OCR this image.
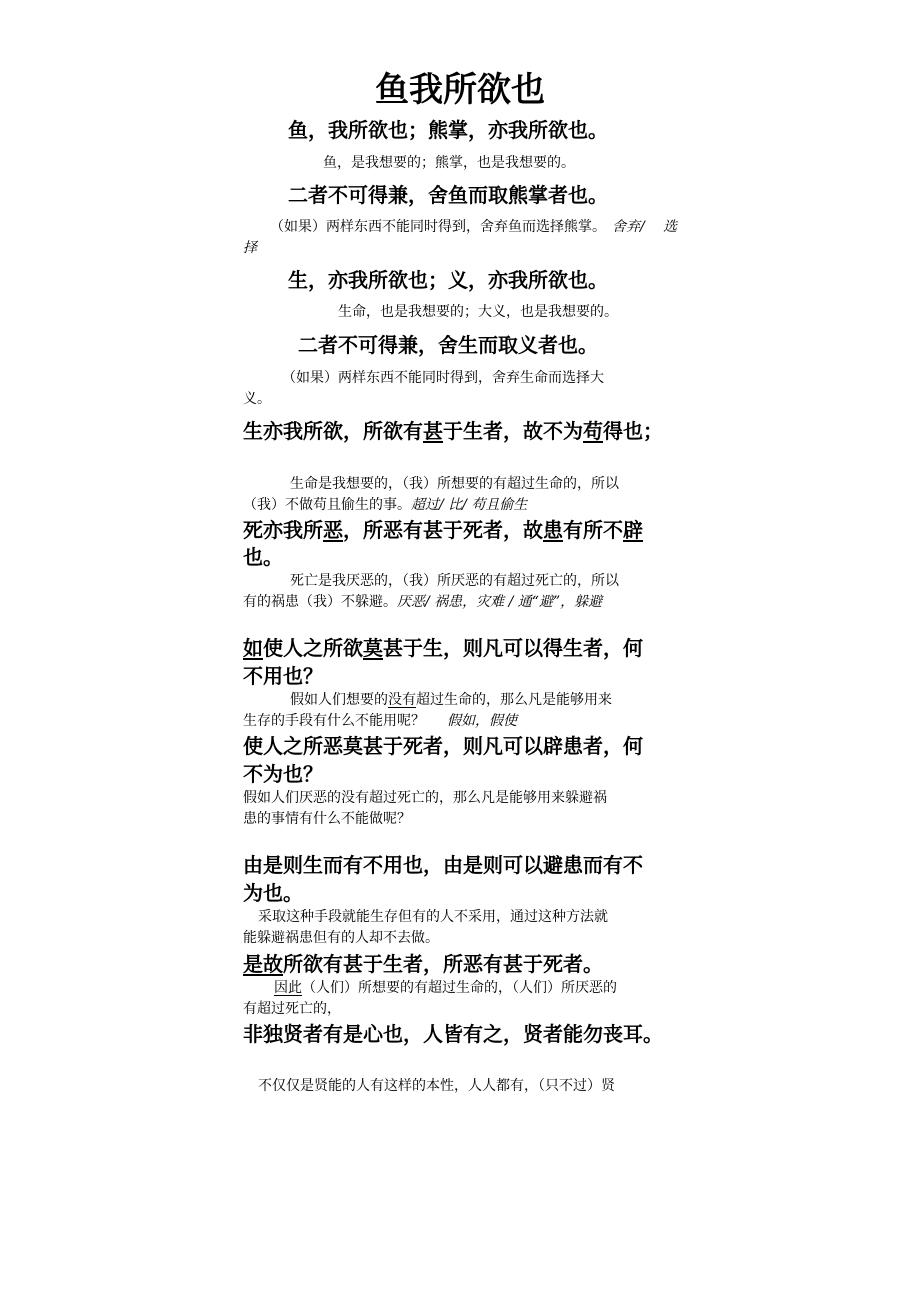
鱼我所欲也

鱼，我所欲也；熊掌，亦我所欲也。

鱼，是我想要的；熊掌，也是我想要的。

二者不可得兼，舍鱼而取熊掌者也。

（如果）两样东西不能同时得到，舍弃鱼而选择熊掌。 舍弃/　 选

择

生，亦我所欲也；义，亦我所欲也。

生命，也是我想要的；大义，也是我想要的。

二者不可得兼，舍生而取义者也。

（如果）两样东西不能同时得到，舍弃生命而选择大

义。

生亦我所欲，所欲有甚于生者，故不为苟得也；

生命是我想要的，（我）所想要的有超过生命的，所以

（我）不做苟且偷生的事。超过/ 比/ 苟且偷生

死亦我所恶，所恶有甚于死者，故患有所不辟

也。

死亡是我厌恶的，（我）所厌恶的有超过死亡的，所以

有的祸患（我）不躲避。厌恶/ 祸患，灾难 / 通“避”，躲避

如使人之所欲莫甚于生，则凡可以得生者，何

不用也？

假如人们想要的没有超过生命的，那么凡是能够用来

生存的手段有什么不能用呢？ 假如，假使

使人之所恶莫甚于死者，则凡可以辟患者，何

不为也？

假如人们厌恶的没有超过死亡的，那么凡是能够用来躲避祸

患的事情有什么不能做呢？

由是则生而有不用也，由是则可以避患而有不

为也。

采取这种手段就能生存但有的人不采用，通过这种方法就

能躲避祸患但有的人却不去做。

是故所欲有甚于生者，所恶有甚于死者。

因此（人们）所想要的有超过生命的，（人们）所厌恶的

有超过死亡的，

非独贤者有是心也，人皆有之，贤者能勿丧耳。

不仅仅是贤能的人有这样的本性，人人都有，（只不过）贤
